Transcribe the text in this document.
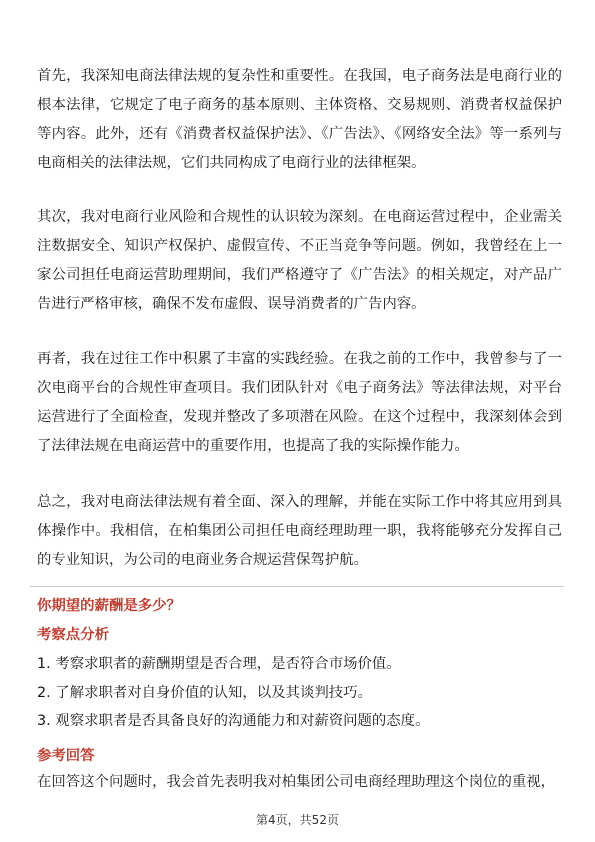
首先，我深知电商法律法规的复杂性和重要性。在我国，电子商务法是电商行业的根本法律，它规定了电子商务的基本原则、主体资格、交易规则、消费者权益保护等内容。此外，还有《消费者权益保护法》、《广告法》、《网络安全法》等一系列与电商相关的法律法规，它们共同构成了电商行业的法律框架。

其次，我对电商行业风险和合规性的认识较为深刻。在电商运营过程中，企业需关注数据安全、知识产权保护、虚假宣传、不正当竞争等问题。例如，我曾经在上一家公司担任电商运营助理期间，我们严格遵守了《广告法》的相关规定，对产品广告进行严格审核，确保不发布虚假、误导消费者的广告内容。

再者，我在过往工作中积累了丰富的实践经验。在我之前的工作中，我曾参与了一次电商平台的合规性审查项目。我们团队针对《电子商务法》等法律法规，对平台运营进行了全面检查，发现并整改了多项潜在风险。在这个过程中，我深刻体会到了法律法规在电商运营中的重要作用，也提高了我的实际操作能力。

总之，我对电商法律法规有着全面、深入的理解，并能在实际工作中将其应用到具体操作中。我相信，在柏集团公司担任电商经理助理一职，我将能够充分发挥自己的专业知识，为公司的电商业务合规运营保驾护航。

你期望的薪酬是多少？
考察点分析
1. 考察求职者的薪酬期望是否合理，是否符合市场价值。
2. 了解求职者对自身价值的认知，以及其谈判技巧。
3. 观察求职者是否具备良好的沟通能力和对薪资问题的态度。
参考回答

在回答这个问题时，我会首先表明我对柏集团公司电商经理助理这个岗位的重视，

第4页，共52页
